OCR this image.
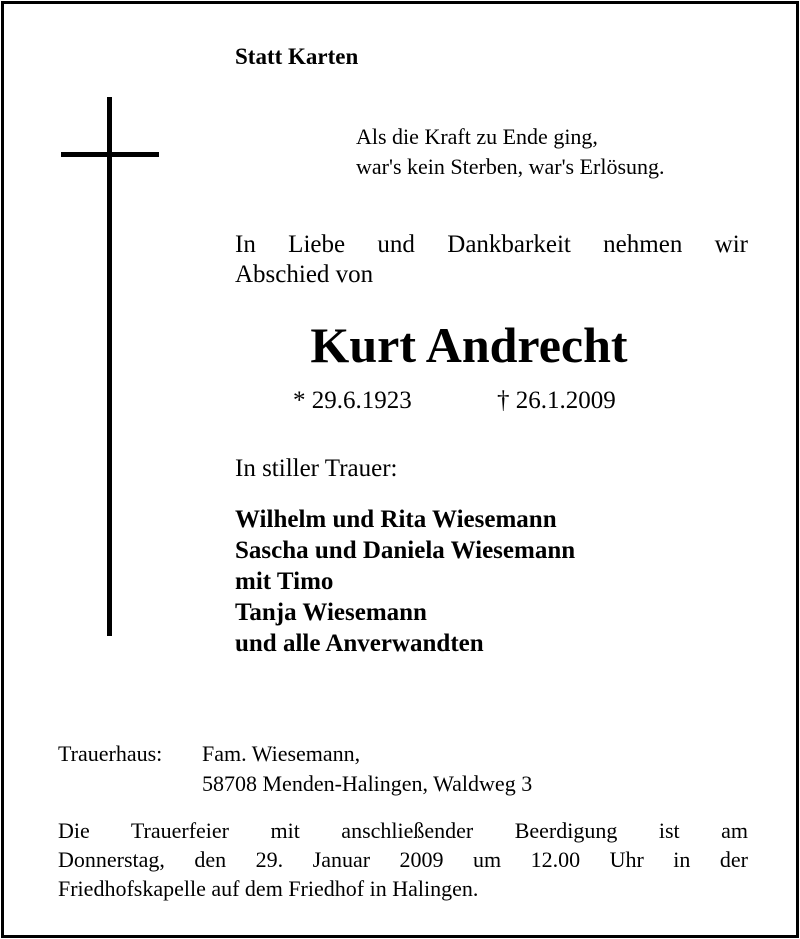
Statt Karten
Als die Kraft zu Ende ging,
war's kein Sterben, war's Erlösung.
In Liebe und Dankbarkeit nehmen wir
Abschied von
Kurt Andrecht
* 29.6.1923	† 26.1.2009
In stiller Trauer:
Wilhelm und Rita Wiesemann
Sascha und Daniela Wiesemann
mit Timo
Tanja Wiesemann
und alle Anverwandten
Trauerhaus: Fam. Wiesemann,
58708 Menden-Halingen, Waldweg 3
Die Trauerfeier mit anschließender Beerdigung ist am
Donnerstag, den 29. Januar 2009 um 12.00 Uhr in der
Friedhofskapelle auf dem Friedhof in Halingen.
